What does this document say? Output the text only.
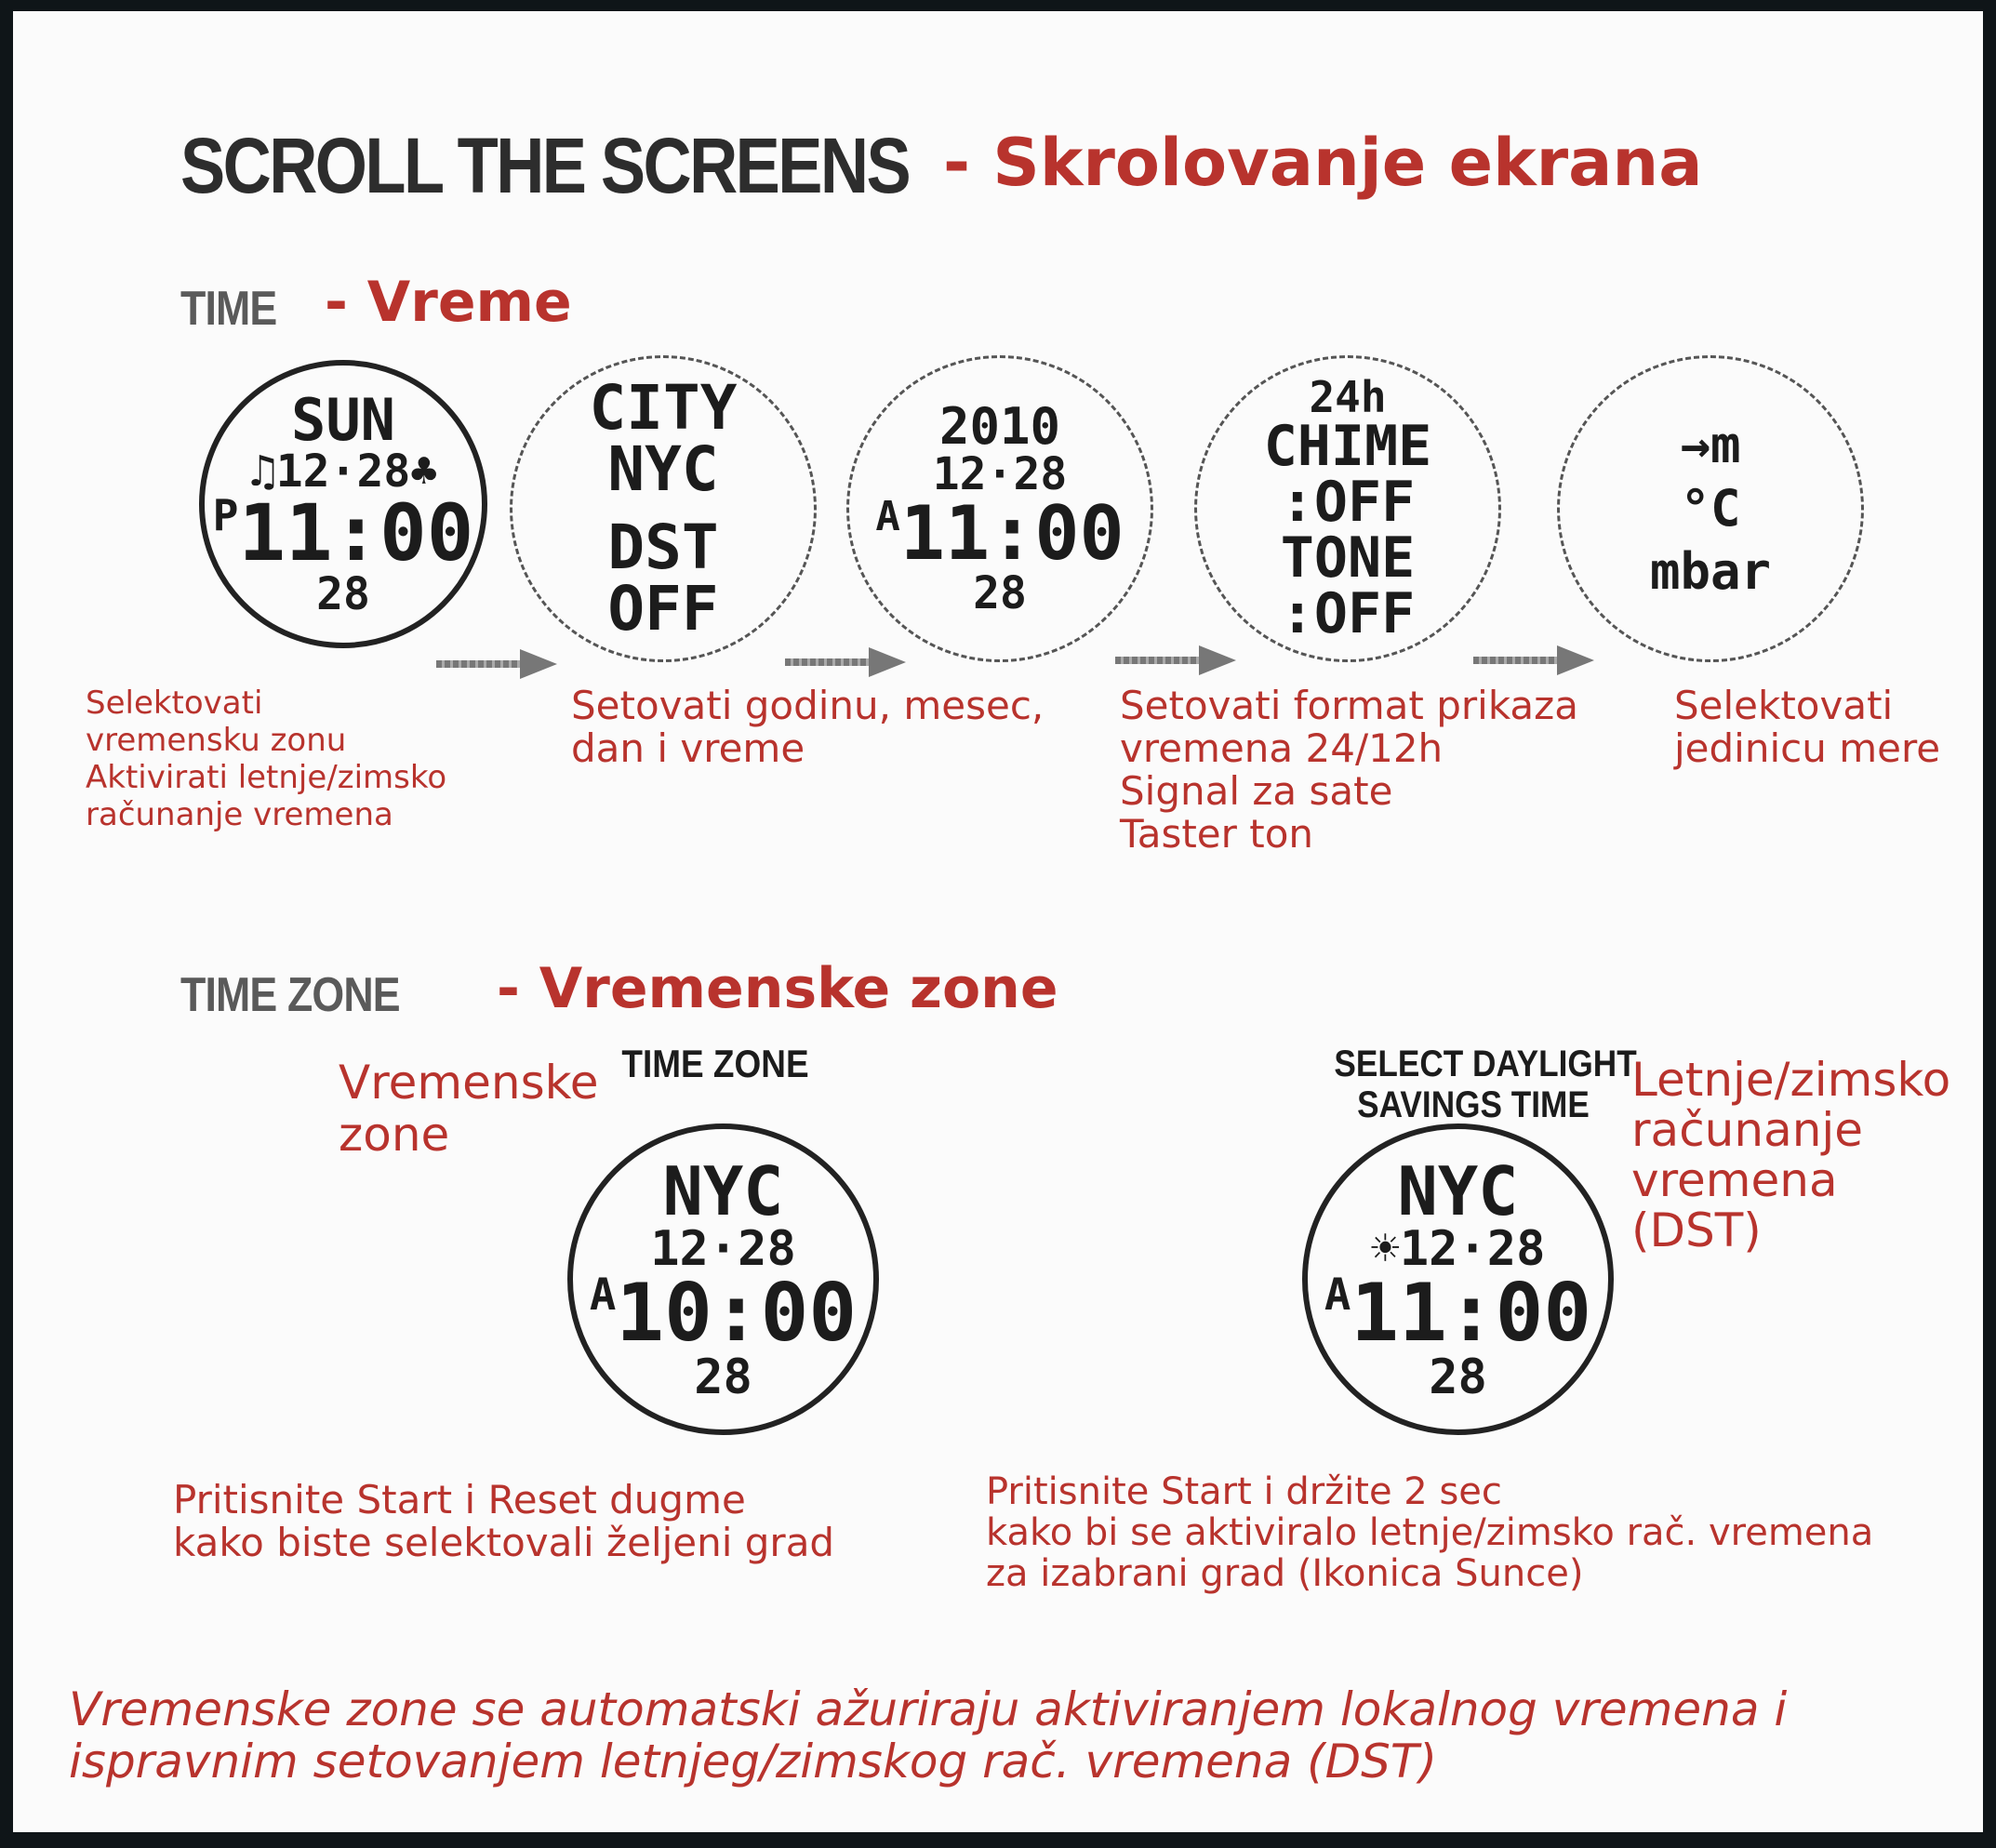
SCROLL THE SCREENS - Skrolovanje ekrana
TIME - Vreme
SUN
♫12·28♣
$^P$11:00
28
CITY
NYC
DST
OFF
2010
12·28
$^A$11:00
28
24h
CHIME
:OFF
TONE
:OFF
→m
°C
mbar
Selektovati
vremensku zonu
Aktivirati letnje/zimsko
računanje vremena
Setovati godinu, mesec,
dan i vreme
Setovati format prikaza
vremena 24/12h
Signal za sate
Taster ton
Selektovati
jedinicu mere
TIME ZONE - Vremenske zone
Vremenske
zone
TIME ZONE
NYC
12·28
$^A$10:00
28
Pritisnite Start i Reset dugme
kako biste selektovali željeni grad
SELECT DAYLIGHT
SAVINGS TIME Letnje/zimsko
računanje
vremena
(DST)
NYC
☀12·28
$^A$11:00
28
Pritisnite Start i držite 2 sec
kako bi se aktiviralo letnje/zimsko rač. vremena
za izabrani grad (Ikonica Sunce)
Vremenske zone se automatski ažuriraju aktiviranjem lokalnog vremena i
ispravnim setovanjem letnjeg/zimskog rač. vremena (DST)
